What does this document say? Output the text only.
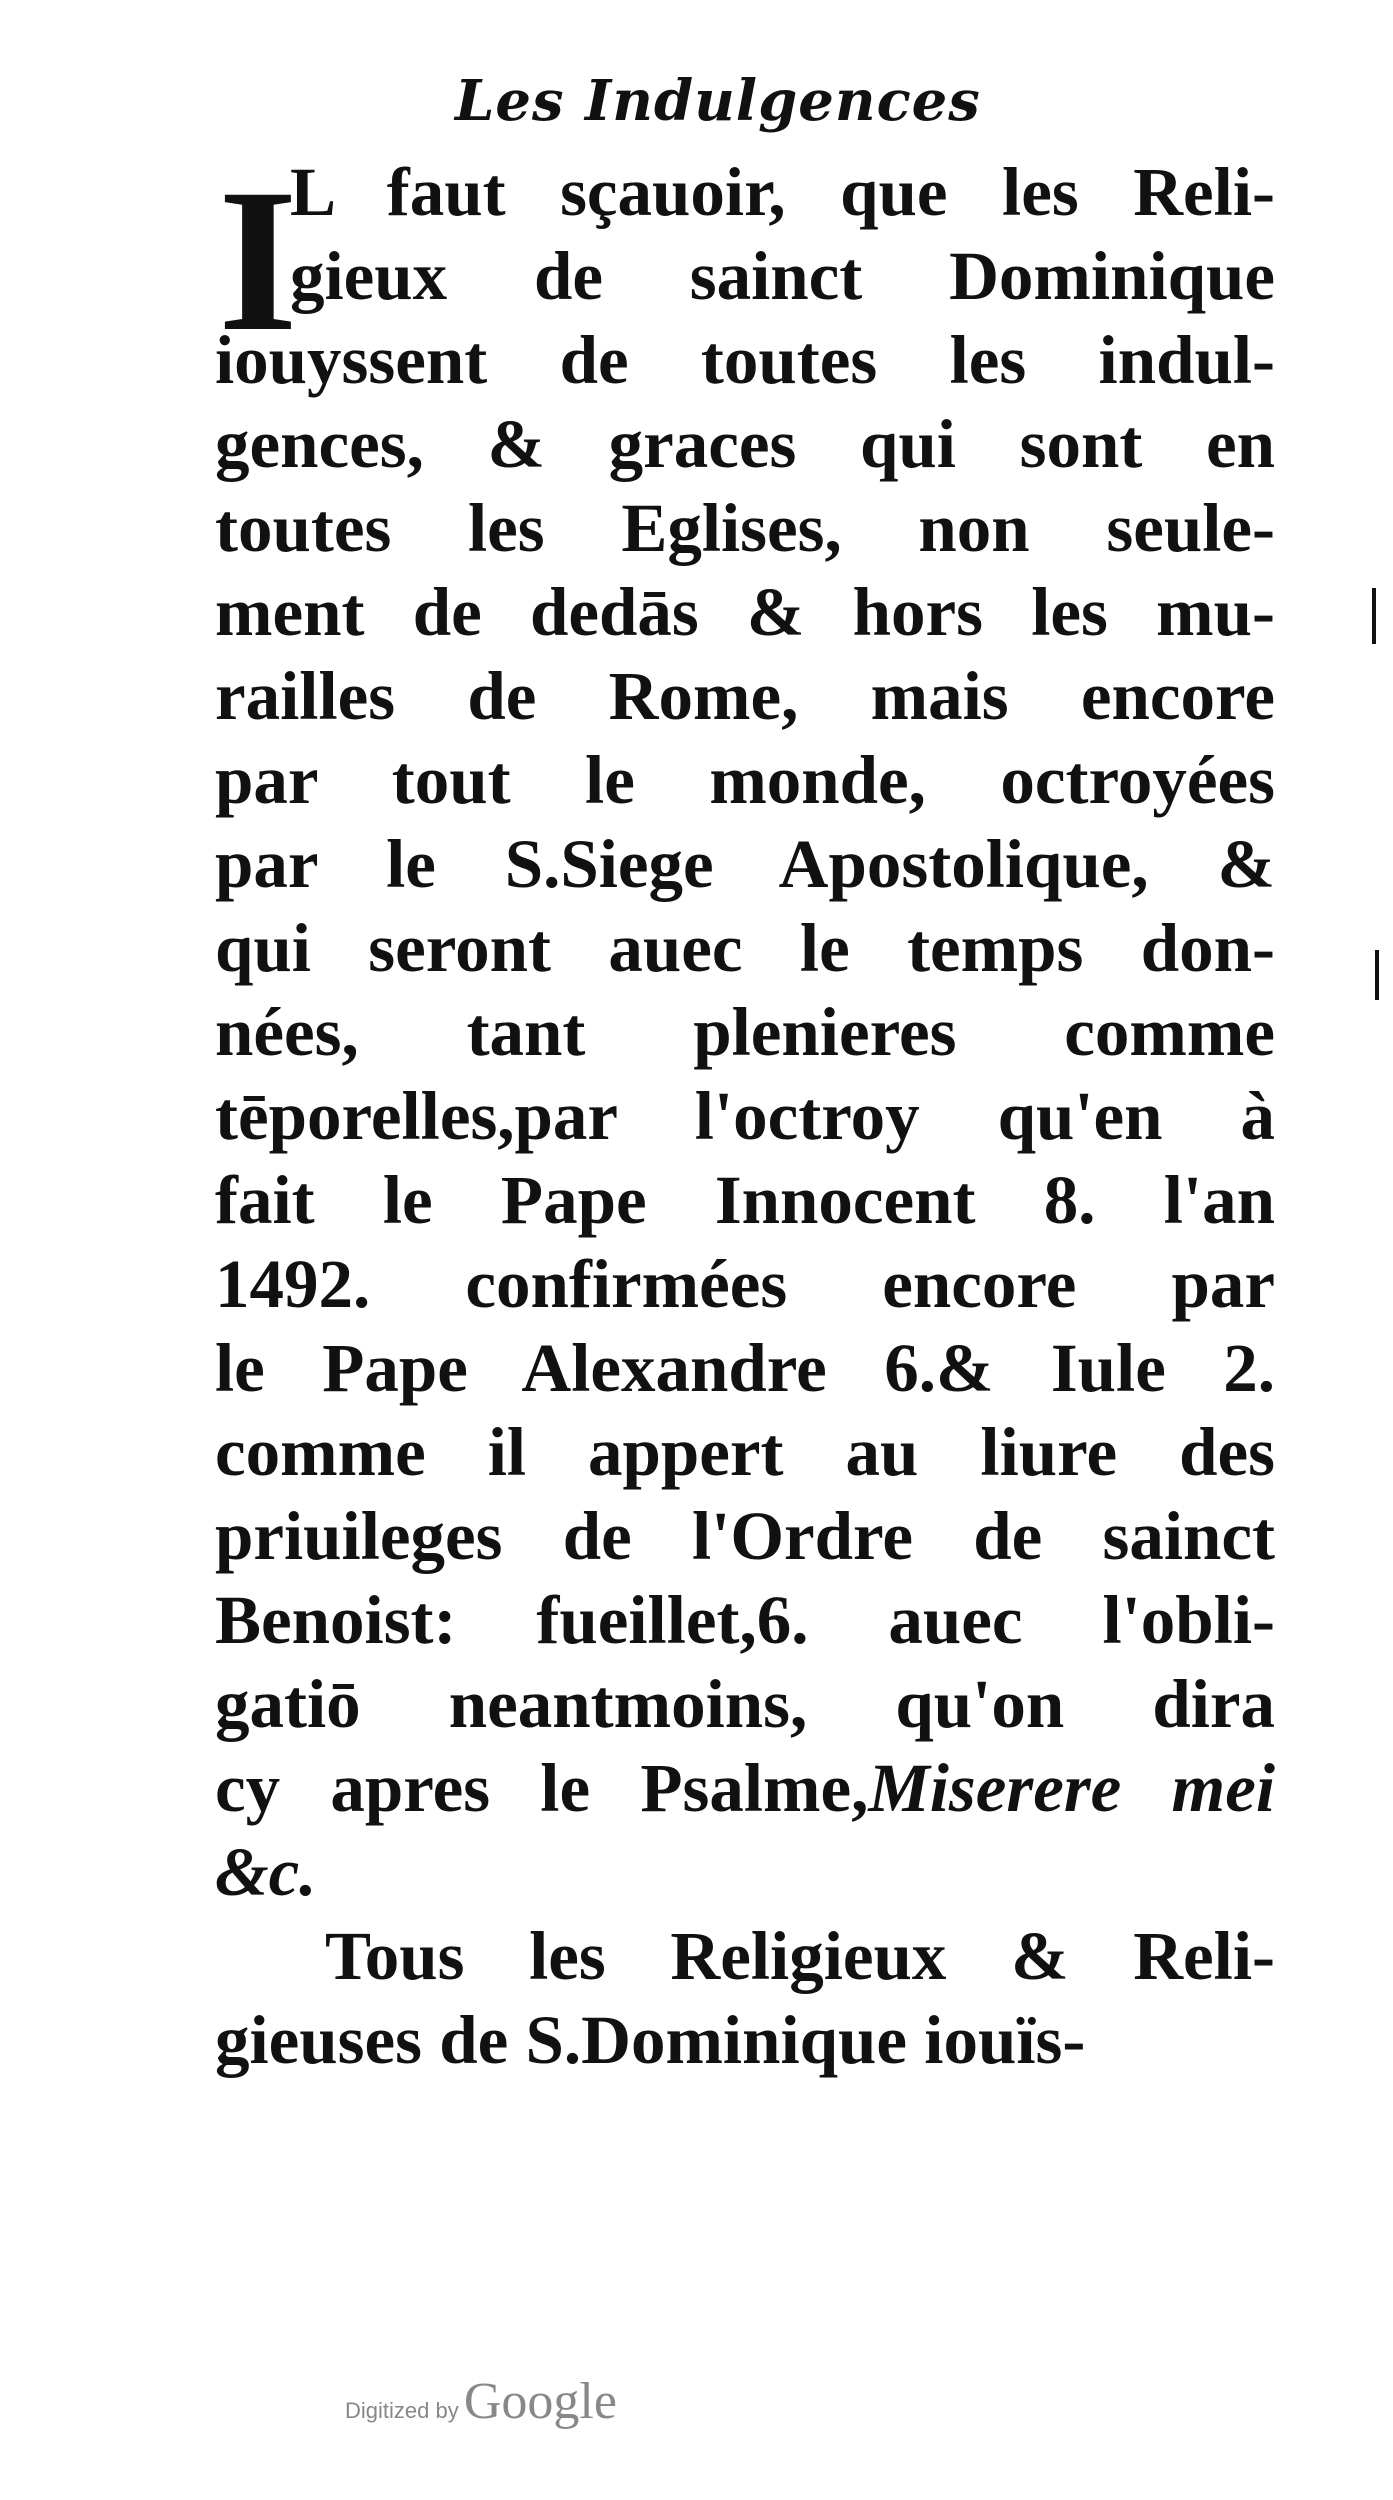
Les Indulgences
I
L faut sçauoir, que les Reli-
gieux de sainct Dominique
iouyssent de toutes les indul-
gences, & graces qui sont en
toutes les Eglises, non seule-
ment de dedās & hors les mu-
railles de Rome, mais encore
par tout le monde, octroyées
par le S.Siege Apostolique, &
qui seront auec le temps don-
nées, tant plenieres comme
tēporelles,par l'octroy qu'en à
fait le Pape Innocent 8. l'an
1492. confirmées encore par
le Pape Alexandre 6.& Iule 2.
comme il appert au liure des
priuileges de l'Ordre de sainct
Benoist: fueillet,6. auec l'obli-
gatiō neantmoins, qu'on dira
cy apres le Psalme,Miserere mei
&c.
Tous les Religieux & Reli-
gieuses de S.Dominique iouïs-
Digitized by Google
